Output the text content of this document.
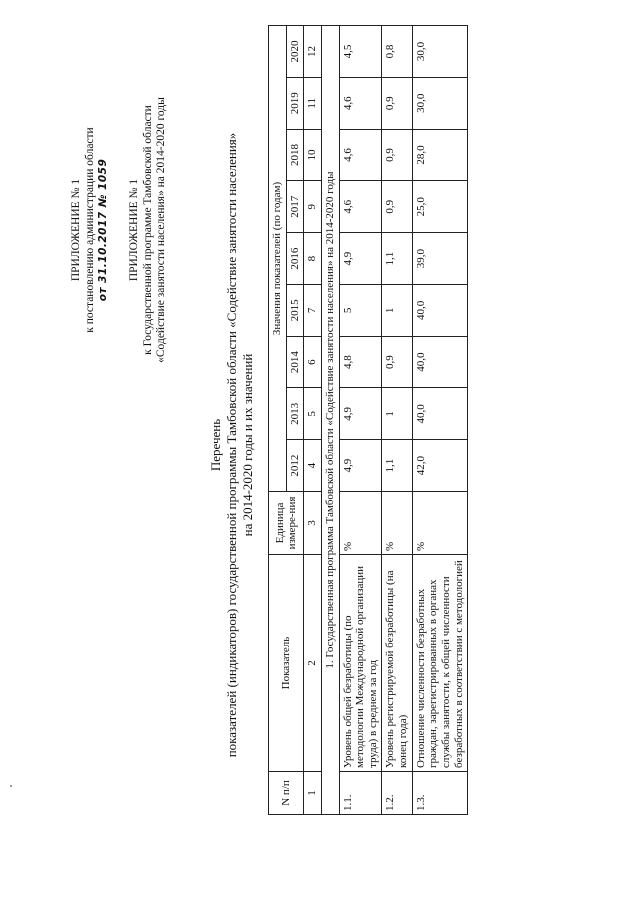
ПРИЛОЖЕНИЕ № 1 к постановлению администрации области от 31.10.2017 № 1059 ПРИЛОЖЕНИЕ № 1 к Государственной программе Тамбовской области «Содействие занятости населения» на 2014-2020 годы
Перечень показателей (индикаторов) государственной программы Тамбовской области «Содействие занятости населения» на 2014-2020 годы и их значений
N п/п	Показатель	Единица измере-ния	Значения показателей (по годам)								
			2012	2013	2014	2015	2016	2017	2018	2019	2020
1	2	3	4	5	6	7	8	9	10	11	12
1. Государственная программа Тамбовской области «Содействие занятости населения» на 2014-2020 годы											
1.1.	Уровень общей безработицы (по методологии Международной организации труда) в среднем за год	%	4,9	4,9	4,8	5	4,9	4,6	4,6	4,6	4,5
1.2.	Уровень регистрируемой безработицы (на конец года)	%	1,1	1	0,9	1	1,1	0,9	0,9	0,9	0,8
1.3.	Отношение численности безработных граждан, зарегистрированных в органах службы занятости, к общей численности безработных в соответствии с методологией	%	42,0	40,0	40,0	40,0	39,0	25,0	28,0	30,0	30,0
